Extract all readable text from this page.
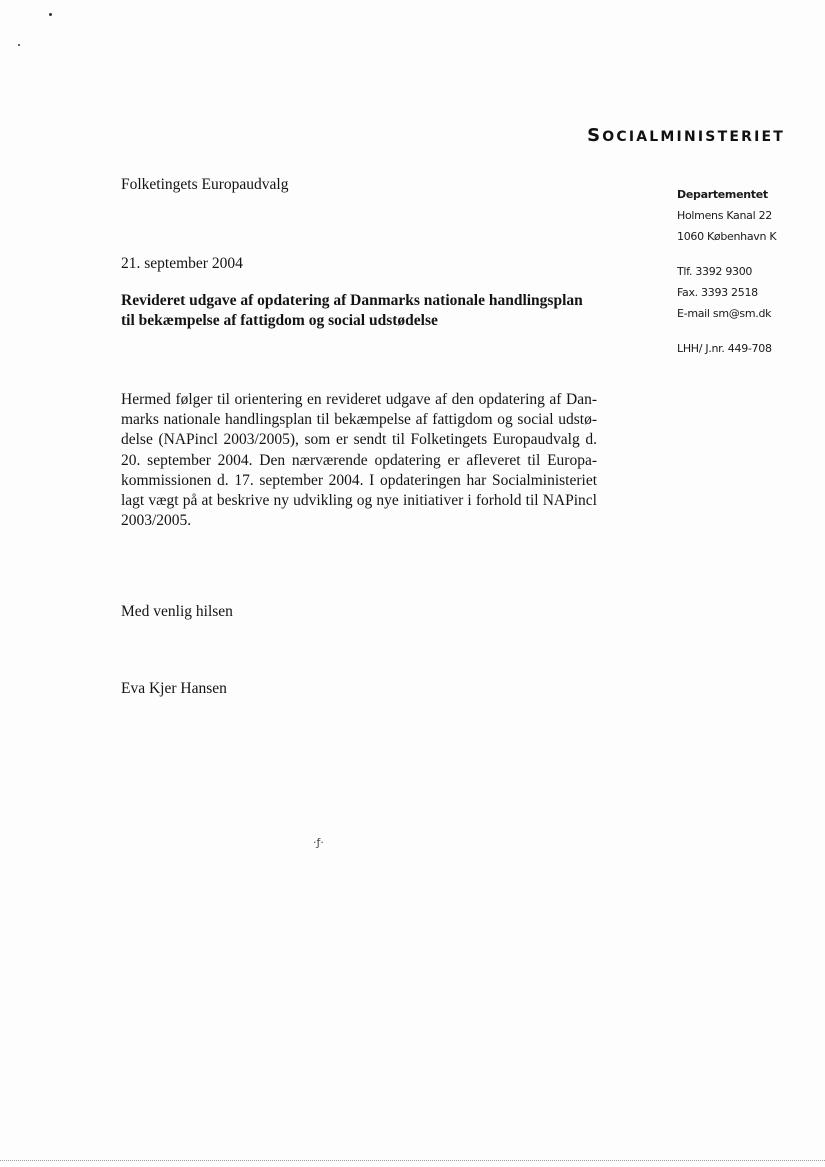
SOCIALMINISTERIET
Folketingets Europaudvalg
21. september 2004
Revideret udgave af opdatering af Danmarks nationale handlingsplan
til bekæmpelse af fattigdom og social udstødelse
Hermed følger til orientering en revideret udgave af den opdatering af Dan-
marks nationale handlingsplan til bekæmpelse af fattigdom og social udstø-
delse (NAPincl 2003/2005), som er sendt til Folketingets Europaudvalg d.
20. september 2004. Den nærværende opdatering er afleveret til Europa-
kommissionen d. 17. september 2004. I opdateringen har Socialministeriet
lagt vægt på at beskrive ny udvikling og nye initiativer i forhold til NAPincl
2003/2005.
Med venlig hilsen
Eva Kjer Hansen
Departementet
Holmens Kanal 22
1060 København K
Tlf. 3392 9300
Fax. 3393 2518
E-mail sm@sm.dk
LHH/ J.nr. 449-708
·ƒ·
